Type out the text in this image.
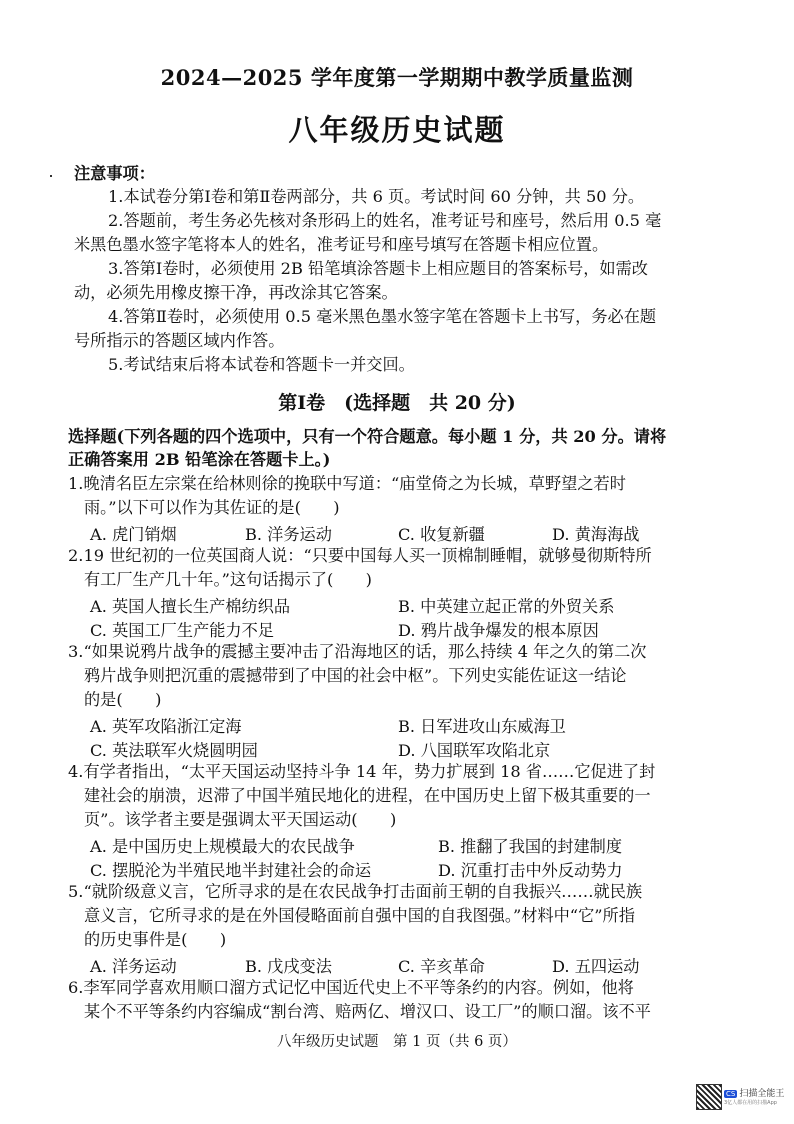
2024—2025 学年度第一学期期中教学质量监测
八年级历史试题
注意事项：
1.本试卷分第Ⅰ卷和第Ⅱ卷两部分，共 6 页。考试时间 60 分钟，共 50 分。
2.答题前，考生务必先核对条形码上的姓名，准考证号和座号，然后用 0.5 毫
米黑色墨水签字笔将本人的姓名，准考证号和座号填写在答题卡相应位置。
3.答第Ⅰ卷时，必须使用 2B 铅笔填涂答题卡上相应题目的答案标号，如需改
动，必须先用橡皮擦干净，再改涂其它答案。
4.答第Ⅱ卷时，必须使用 0.5 毫米黑色墨水签字笔在答题卡上书写，务必在题
号所指示的答题区域内作答。
5.考试结束后将本试卷和答题卡一并交回。
第Ⅰ卷　(选择题　共 20 分)
选择题(下列各题的四个选项中，只有一个符合题意。每小题 1 分，共 20 分。请将
正确答案用 2B 铅笔涂在答题卡上。)
1.晚清名臣左宗棠在给林则徐的挽联中写道：“庙堂倚之为长城，草野望之若时
雨。”以下可以作为其佐证的是(　　)
A. 虎门销烟	B. 洋务运动	C. 收复新疆	D. 黄海海战
2.19 世纪初的一位英国商人说：“只要中国每人买一顶棉制睡帽，就够曼彻斯特所
有工厂生产几十年。”这句话揭示了(　　)
A. 英国人擅长生产棉纺织品	B. 中英建立起正常的外贸关系
C. 英国工厂生产能力不足	D. 鸦片战争爆发的根本原因
3.“如果说鸦片战争的震撼主要冲击了沿海地区的话，那么持续 4 年之久的第二次
鸦片战争则把沉重的震撼带到了中国的社会中枢”。下列史实能佐证这一结论
的是(　　)
A. 英军攻陷浙江定海	B. 日军进攻山东威海卫
C. 英法联军火烧圆明园	D. 八国联军攻陷北京
4.有学者指出，“太平天国运动坚持斗争 14 年，势力扩展到 18 省……它促进了封
建社会的崩溃，迟滞了中国半殖民地化的进程，在中国历史上留下极其重要的一
页”。该学者主要是强调太平天国运动(　　)
A. 是中国历史上规模最大的农民战争	B. 推翻了我国的封建制度
C. 摆脱沦为半殖民地半封建社会的命运	D. 沉重打击中外反动势力
5.“就阶级意义言，它所寻求的是在农民战争打击面前王朝的自我振兴……就民族
意义言，它所寻求的是在外国侵略面前自强中国的自我图强。”材料中“它”所指
的历史事件是(　　)
A. 洋务运动	B. 戊戌变法	C. 辛亥革命	D. 五四运动
6.李军同学喜欢用顺口溜方式记忆中国近代史上不平等条约的内容。例如，他将
某个不平等条约内容编成“割台湾、赔两亿、增汉口、设工厂”的顺口溜。该不平
八年级历史试题　第 1 页（共 6 页）
CS 扫描全能王
3亿人都在用的扫描App
